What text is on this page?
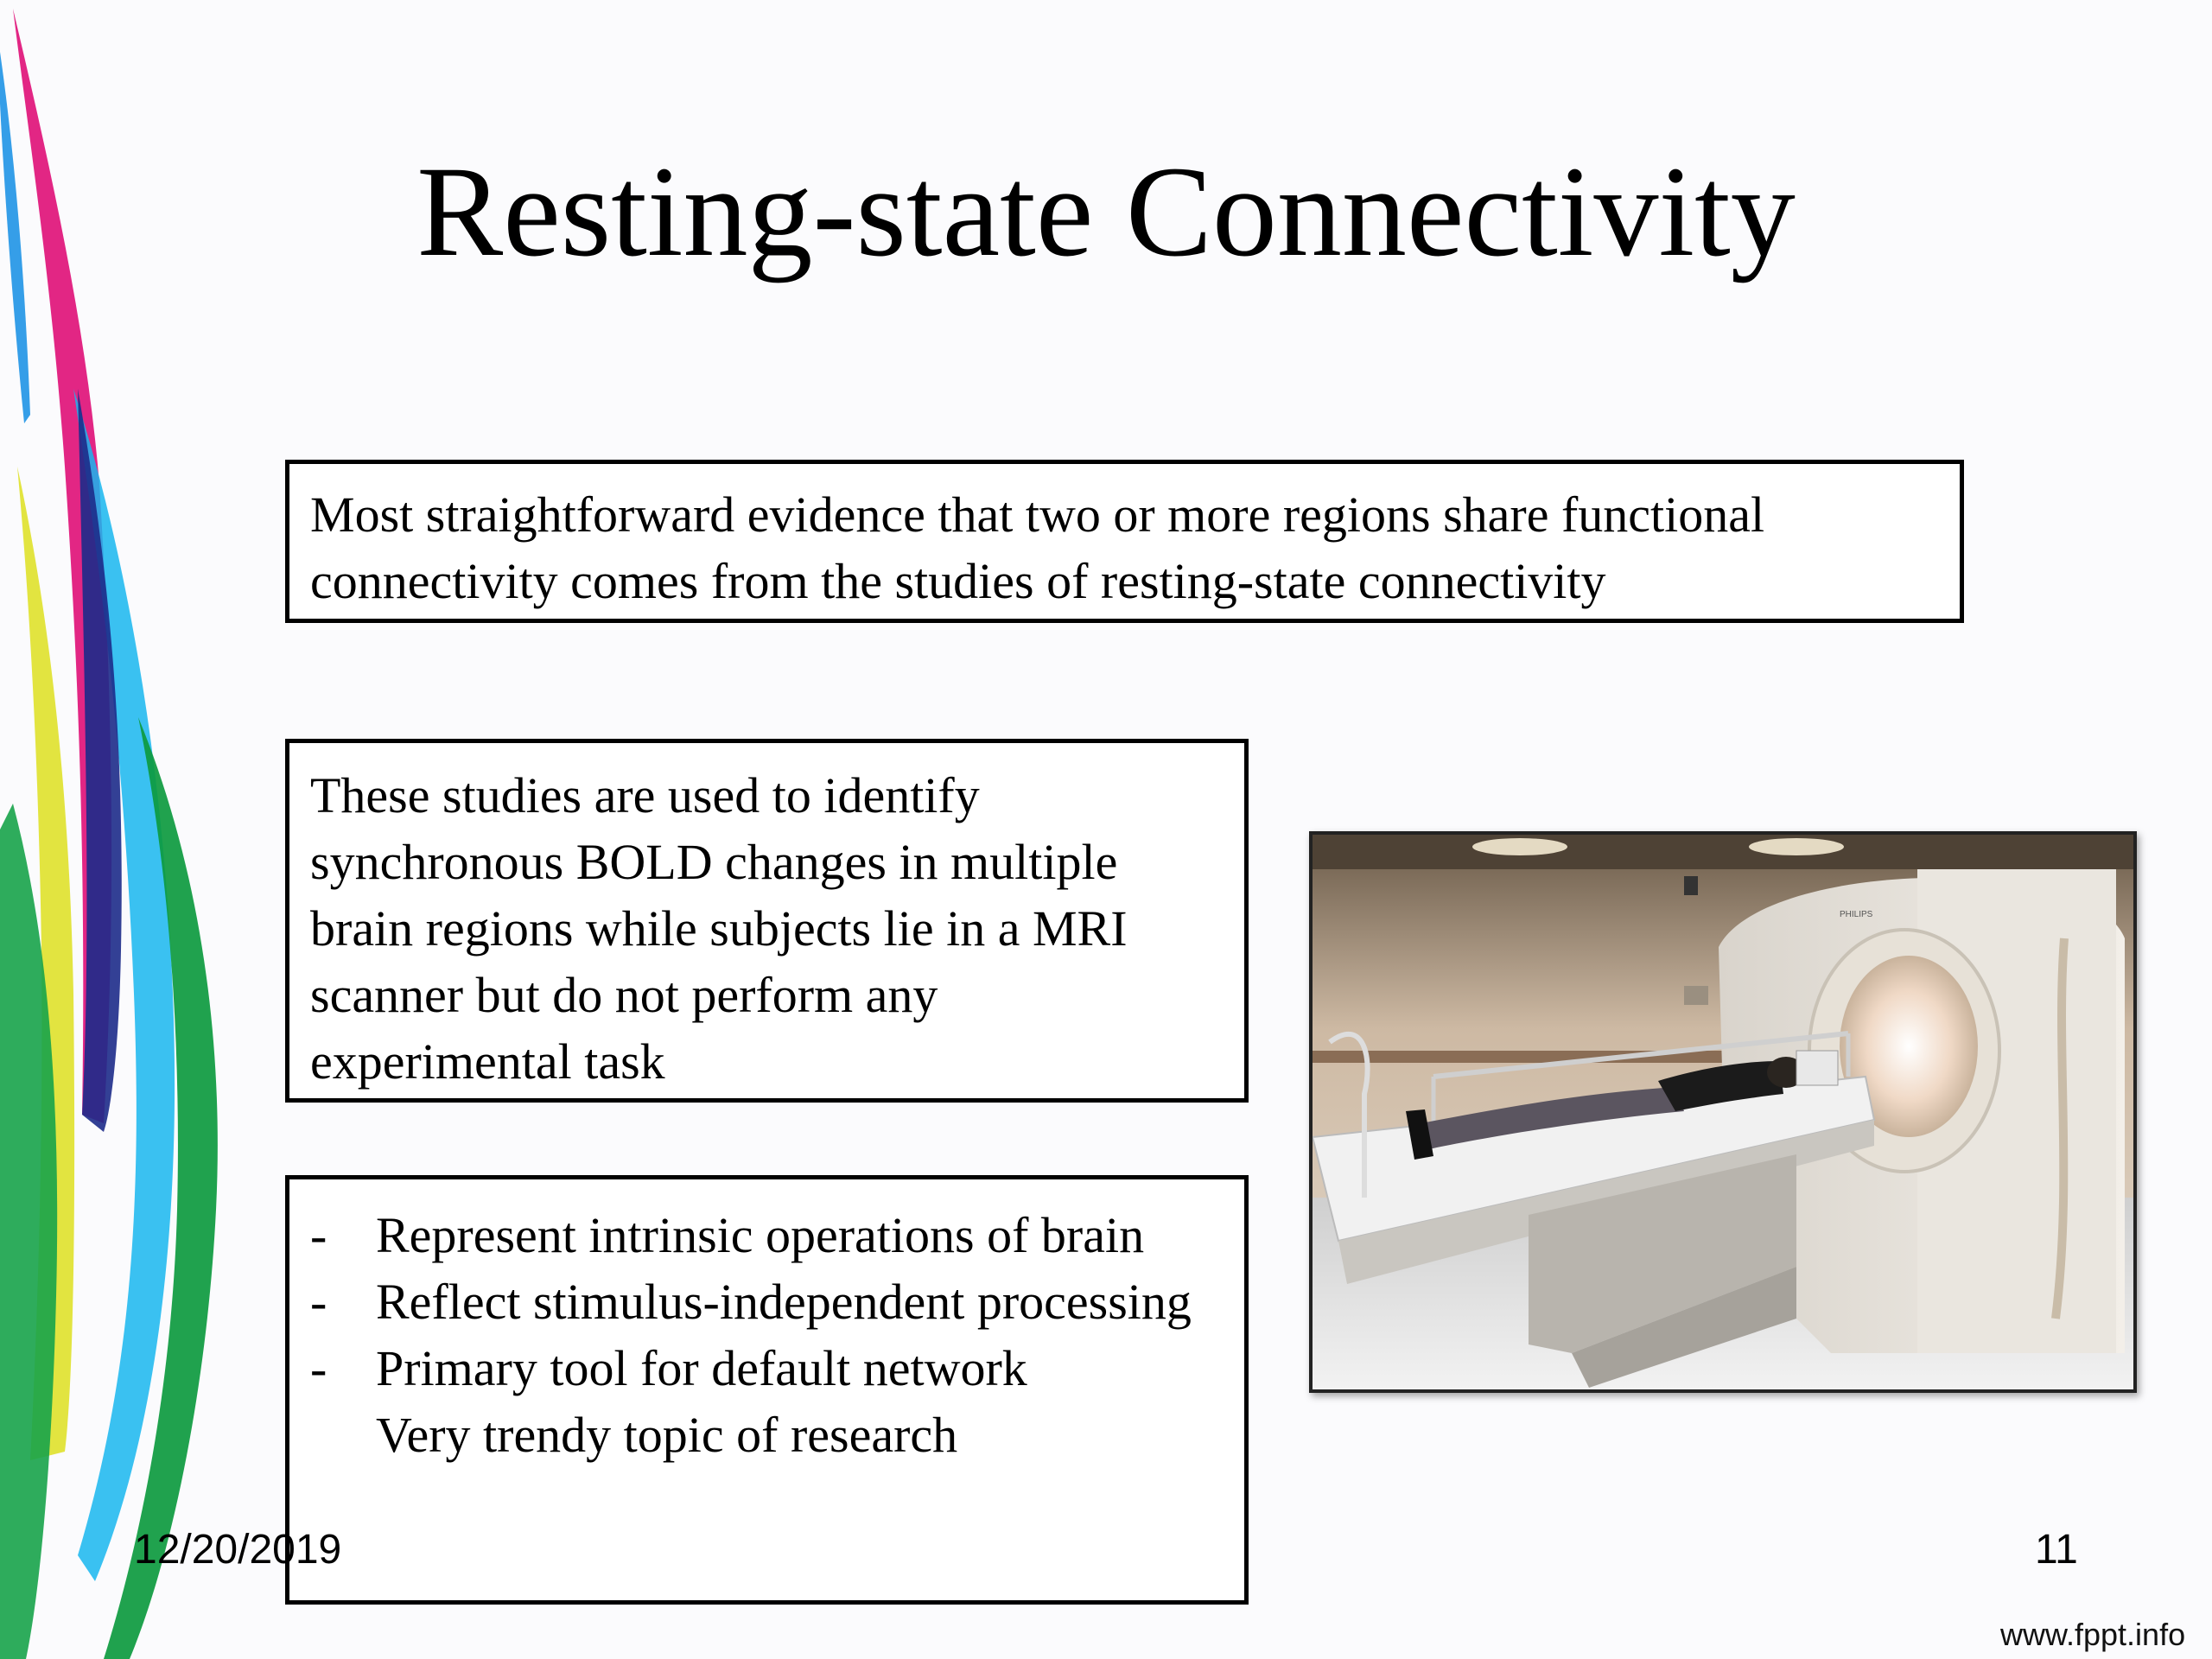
Resting-state Connectivity

Most straightforward evidence that two or more regions share functional

connectivity comes from the studies of resting-state connectivity

These studies are used to identify

synchronous BOLD changes in multiple

brain regions while subjects lie in a MRI

scanner but do not perform any

experimental task

- Represent intrinsic operations of brain
- Reflect stimulus-independent processing
- Primary tool for default network
Very trendy topic of research
PHILIPS
12/20/2019	11
www.fppt.info
